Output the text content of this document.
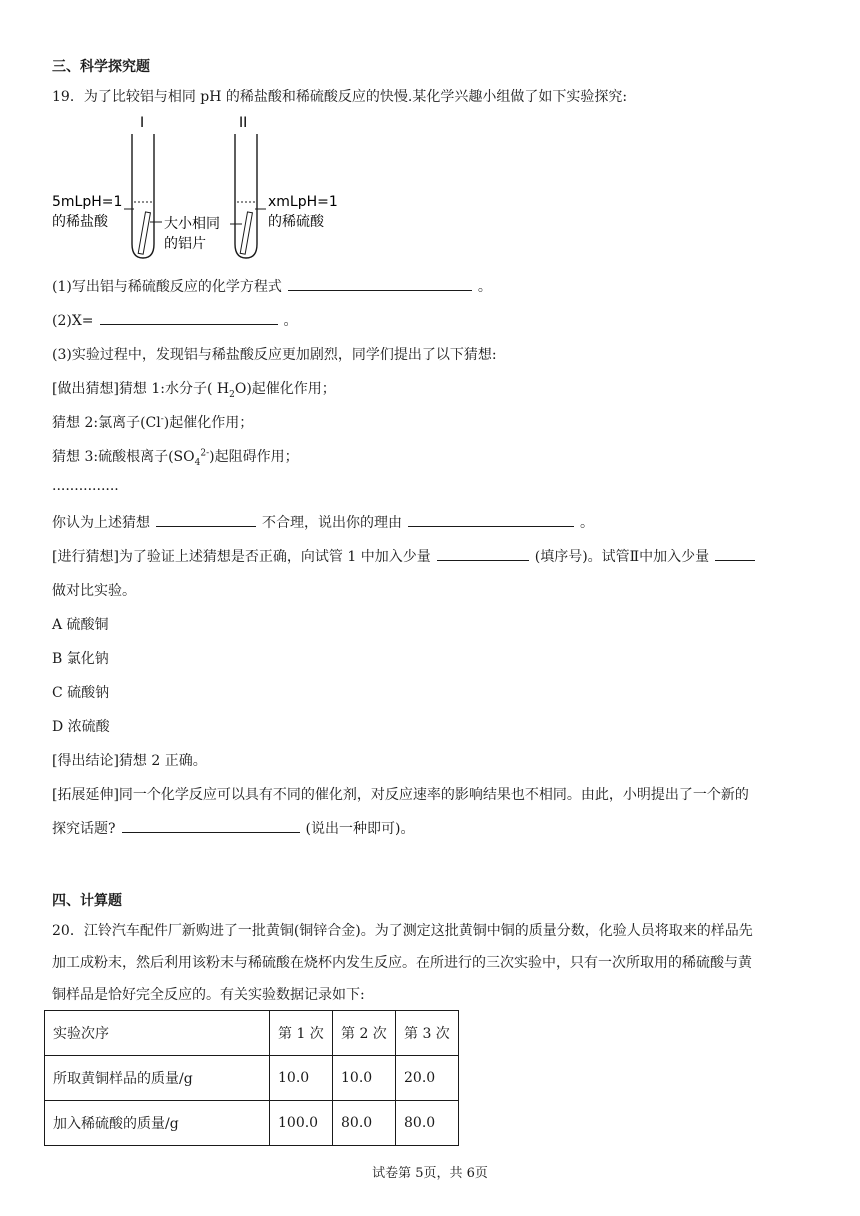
三、科学探究题
19．为了比较铝与相同 pH 的稀盐酸和稀硫酸反应的快慢.某化学兴趣小组做了如下实验探究:
I	II
5mLpH=1
的稀盐酸	大小相同
的铝片
xmLpH=1
的稀硫酸
(1)写出铝与稀硫酸反应的化学方程式	。
(2)X=	。
(3)实验过程中，发现铝与稀盐酸反应更加剧烈，同学们提出了以下猜想:
[做出猜想]猜想 1:水分子( $H_2O$)起催化作用；
猜想 2:氯离子(Cl-)起催化作用；
猜想 3:硫酸根离子$(SO_4^{2-})$起阻碍作用；
...............
你认为上述猜想	不合理，说出你的理由	。
[进行猜想]为了验证上述猜想是否正确，向试管 1 中加入少量	(填序号)。试管Ⅱ中加入少量
做对比实验。
A 硫酸铜
B 氯化钠
C 硫酸钠
D 浓硫酸
[得出结论]猜想 2 正确。
[拓展延伸]同一个化学反应可以具有不同的催化剂，对反应速率的影响结果也不相同。由此，小明提出了一个新的
探究话题?	(说出一种即可)。
四、计算题
20．江铃汽车配件厂新购进了一批黄铜(铜锌合金)。为了测定这批黄铜中铜的质量分数，化验人员将取来的样品先
加工成粉末，然后利用该粉末与稀硫酸在烧杯内发生反应。在所进行的三次实验中，只有一次所取用的稀硫酸与黄
铜样品是恰好完全反应的。有关实验数据记录如下:
实验次序	第 1 次	第 2 次	第 3 次
所取黄铜样品的质量/g	10.0	10.0	20.0
加入稀硫酸的质量/g	100.0	80.0	80.0
试卷第 5页，共 6页
